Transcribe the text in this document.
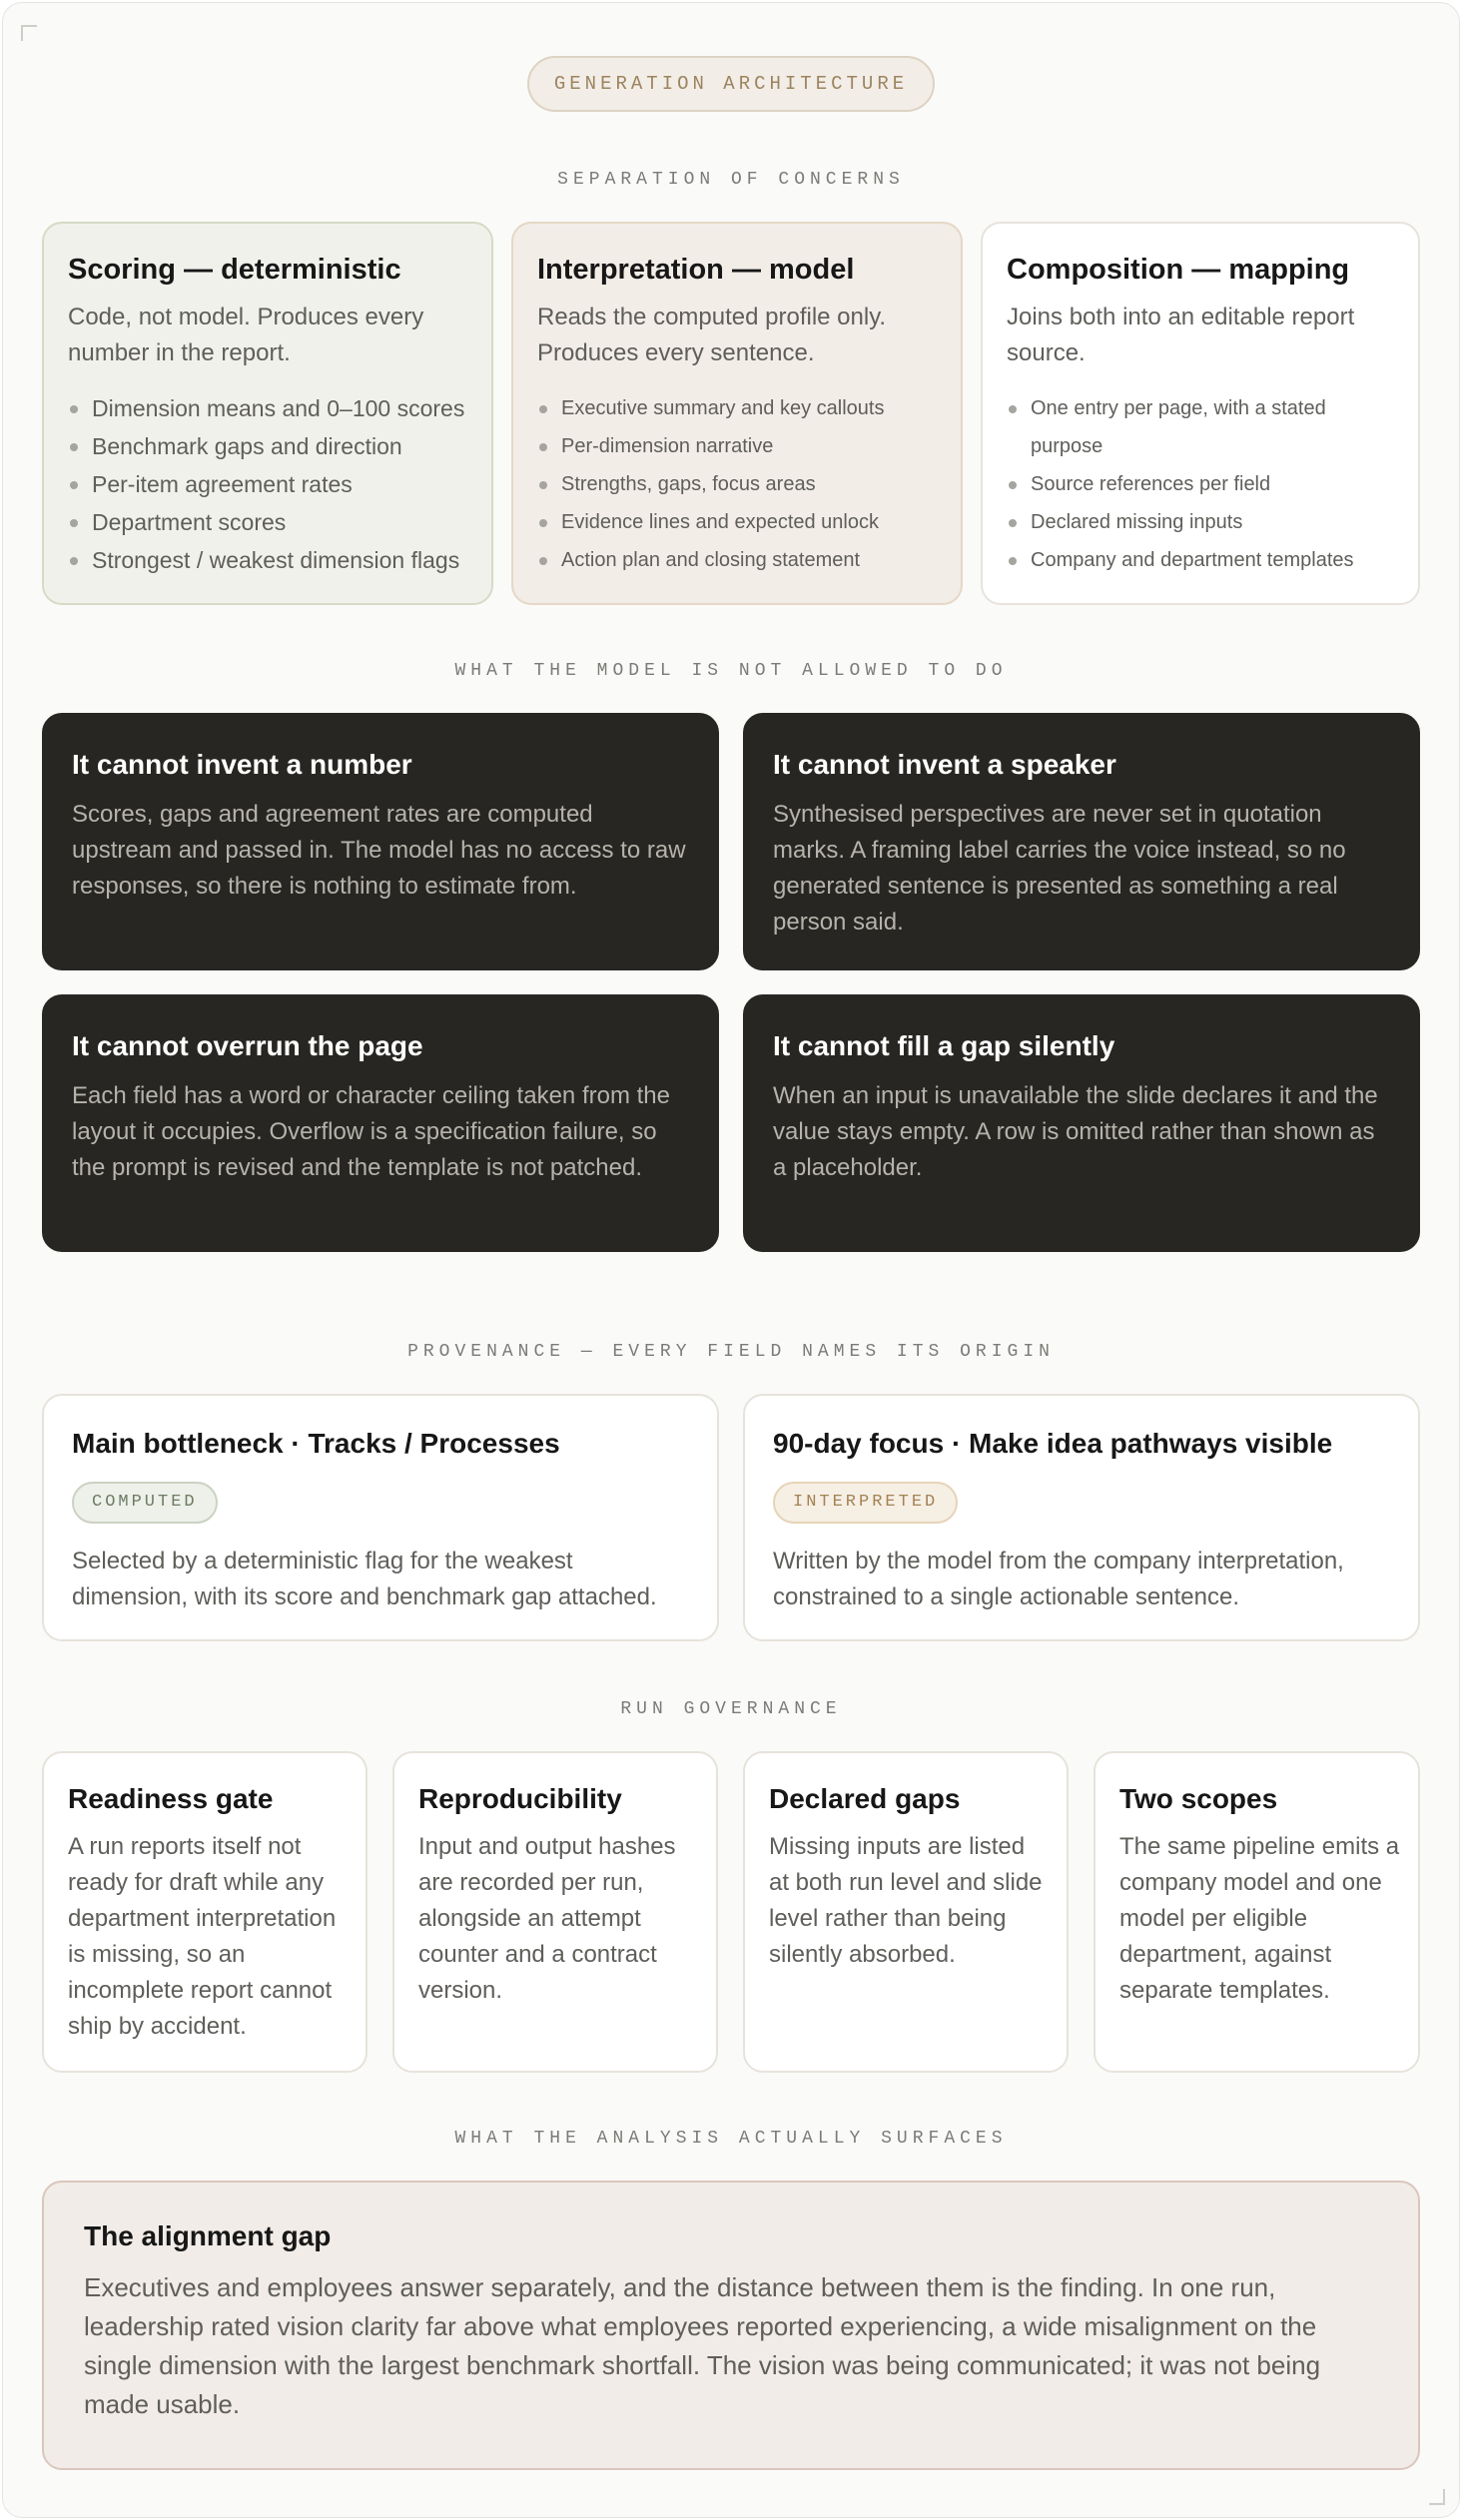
GENERATION ARCHITECTURE
SEPARATION OF CONCERNS
Scoring — deterministic
Code, not model. Produces every number in the report.
Dimension means and 0–100 scores
Benchmark gaps and direction
Per-item agreement rates
Department scores
Strongest / weakest dimension flags
Interpretation — model
Reads the computed profile only. Produces every sentence.
Executive summary and key callouts
Per-dimension narrative
Strengths, gaps, focus areas
Evidence lines and expected unlock
Action plan and closing statement
Composition — mapping
Joins both into an editable report source.
One entry per page, with a stated purpose
Source references per field
Declared missing inputs
Company and department templates
WHAT THE MODEL IS NOT ALLOWED TO DO
It cannot invent a number
Scores, gaps and agreement rates are computed upstream and passed in. The model has no access to raw responses, so there is nothing to estimate from.
It cannot invent a speaker
Synthesised perspectives are never set in quotation marks. A framing label carries the voice instead, so no generated sentence is presented as something a real person said.
It cannot overrun the page
Each field has a word or character ceiling taken from the layout it occupies. Overflow is a specification failure, so the prompt is revised and the template is not patched.
It cannot fill a gap silently
When an input is unavailable the slide declares it and the value stays empty. A row is omitted rather than shown as a placeholder.
PROVENANCE — EVERY FIELD NAMES ITS ORIGIN
Main bottleneck · Tracks / Processes
COMPUTED
Selected by a deterministic flag for the weakest dimension, with its score and benchmark gap attached.
90-day focus · Make idea pathways visible
INTERPRETED
Written by the model from the company interpretation, constrained to a single actionable sentence.
RUN GOVERNANCE
Readiness gate
A run reports itself not ready for draft while any department interpretation is missing, so an incomplete report cannot ship by accident.
Reproducibility
Input and output hashes are recorded per run, alongside an attempt counter and a contract version.
Declared gaps
Missing inputs are listed at both run level and slide level rather than being silently absorbed.
Two scopes
The same pipeline emits a company model and one model per eligible department, against separate templates.
WHAT THE ANALYSIS ACTUALLY SURFACES
The alignment gap
Executives and employees answer separately, and the distance between them is the finding. In one run, leadership rated vision clarity far above what employees reported experiencing, a wide misalignment on the single dimension with the largest benchmark shortfall. The vision was being communicated; it was not being made usable.
